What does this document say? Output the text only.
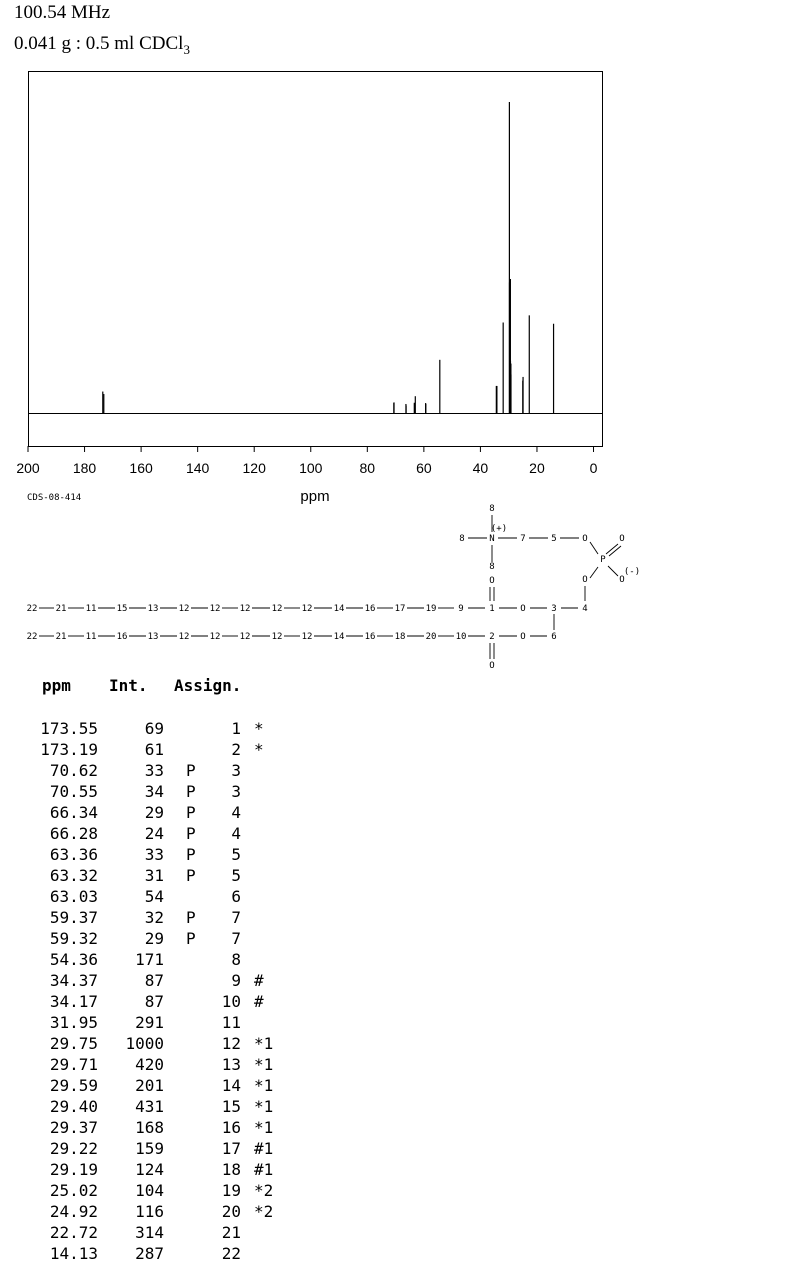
100.54 MHz
0.041 g : 0.5 ml CDCl$_3$
200 180 160 140 120 100	80	60	40	20	0
ppm
CDS-08-414
22 21 11 15 13 12 12 12 12 12 14 16 17 19 9	1
22 21 11 16 13 12 12 12 12 12 14 16 18 20 10	2
O
O
O	3	4
O	6
8
(+)
8	N
8
7	5	O
P
O
O
(-)
O
ppm Int. Assign.
173.55	69	1 *
173.19	61	2 *
70.62	33 P	3
70.55	34 P	3
66.34	29 P	4
66.28	24 P	4
63.36	33 P	5
63.32	31 P	5
63.03	54	6
59.37	32 P	7
59.32	29 P	7
54.36	171	8
34.37	87	9 #
34.17	87	10 #
31.95	291	11
29.75	1000	12 *1
29.71	420	13 *1
29.59	201	14 *1
29.40	431	15 *1
29.37	168	16 *1
29.22	159	17 #1
29.19	124	18 #1
25.02	104	19 *2
24.92	116	20 *2
22.72	314	21
14.13	287	22
